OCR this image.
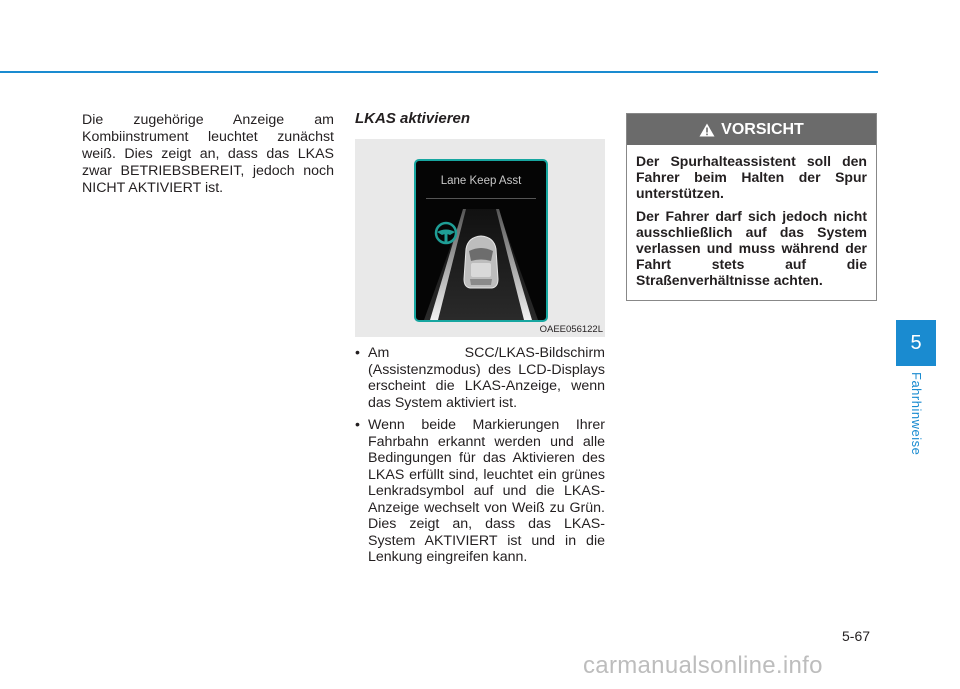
Die zugehörige Anzeige am Kombiinstrument leuchtet zunächst weiß. Dies zeigt an, dass das LKAS zwar BETRIEBSBEREIT, jedoch noch NICHT AKTIVIERT ist.
LKAS aktivieren
Lane Keep Asst
OAEE056122L
• Am SCC/LKAS-Bildschirm (Assistenzmodus) des LCD-Displays erscheint die LKAS-Anzeige, wenn das System aktiviert ist.
• Wenn beide Markierungen Ihrer Fahrbahn erkannt werden und alle Bedingungen für das Aktivieren des LKAS erfüllt sind, leuchtet ein grünes Lenkradsymbol auf und die LKAS-Anzeige wechselt von Weiß zu Grün. Dies zeigt an, dass das LKAS-System AKTIVIERT ist und in die Lenkung eingreifen kann.
VORSICHT

Der Spurhalteassistent soll den Fahrer beim Halten der Spur unterstützen.

Der Fahrer darf sich jedoch nicht ausschließlich auf das System verlassen und muss während der Fahrt stets auf die Straßenverhältnisse achten.

5
Fahrhinweise
5-67
carmanualsonline.info
